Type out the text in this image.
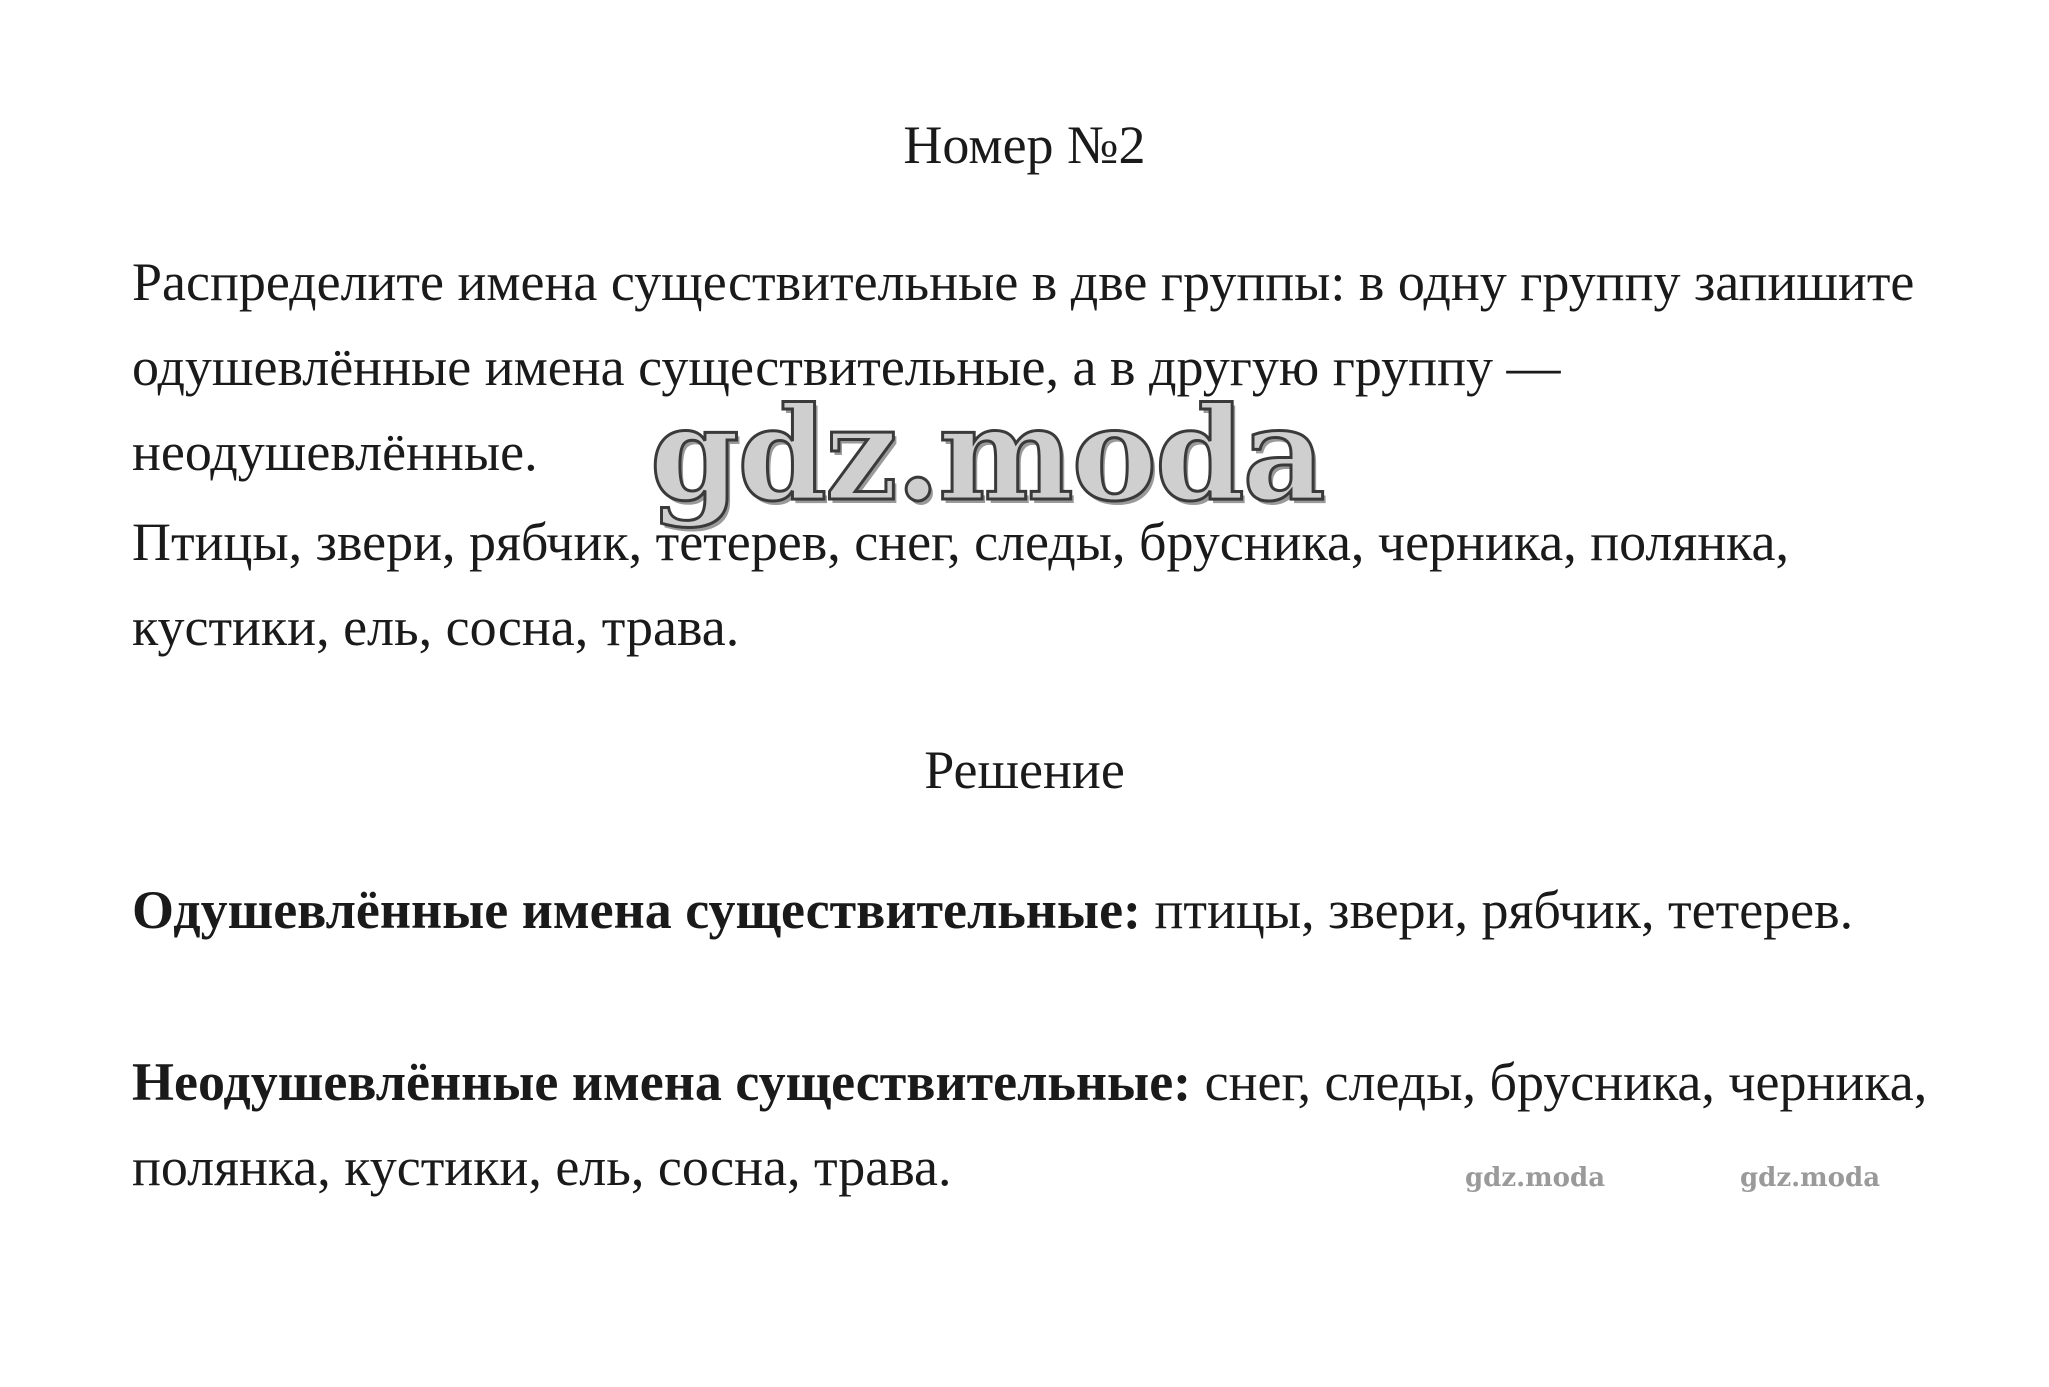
Номер №2
Распределите имена существительные в две группы: в одну группу запишите одушевлённые имена существительные, а в другую группу — неодушевлённые.
Птицы, звери, рябчик, тетерев, снег, следы, брусника, черника, полянка, кустики, ель, сосна, трава.
Решение
Одушевлённые имена существительные: птицы, звери, рябчик, тетерев.
Неодушевлённые имена существительные: снег, следы, брусника, черника, полянка, кустики, ель, сосна, трава.
gdz.moda
gdz.moda	gdz.moda
